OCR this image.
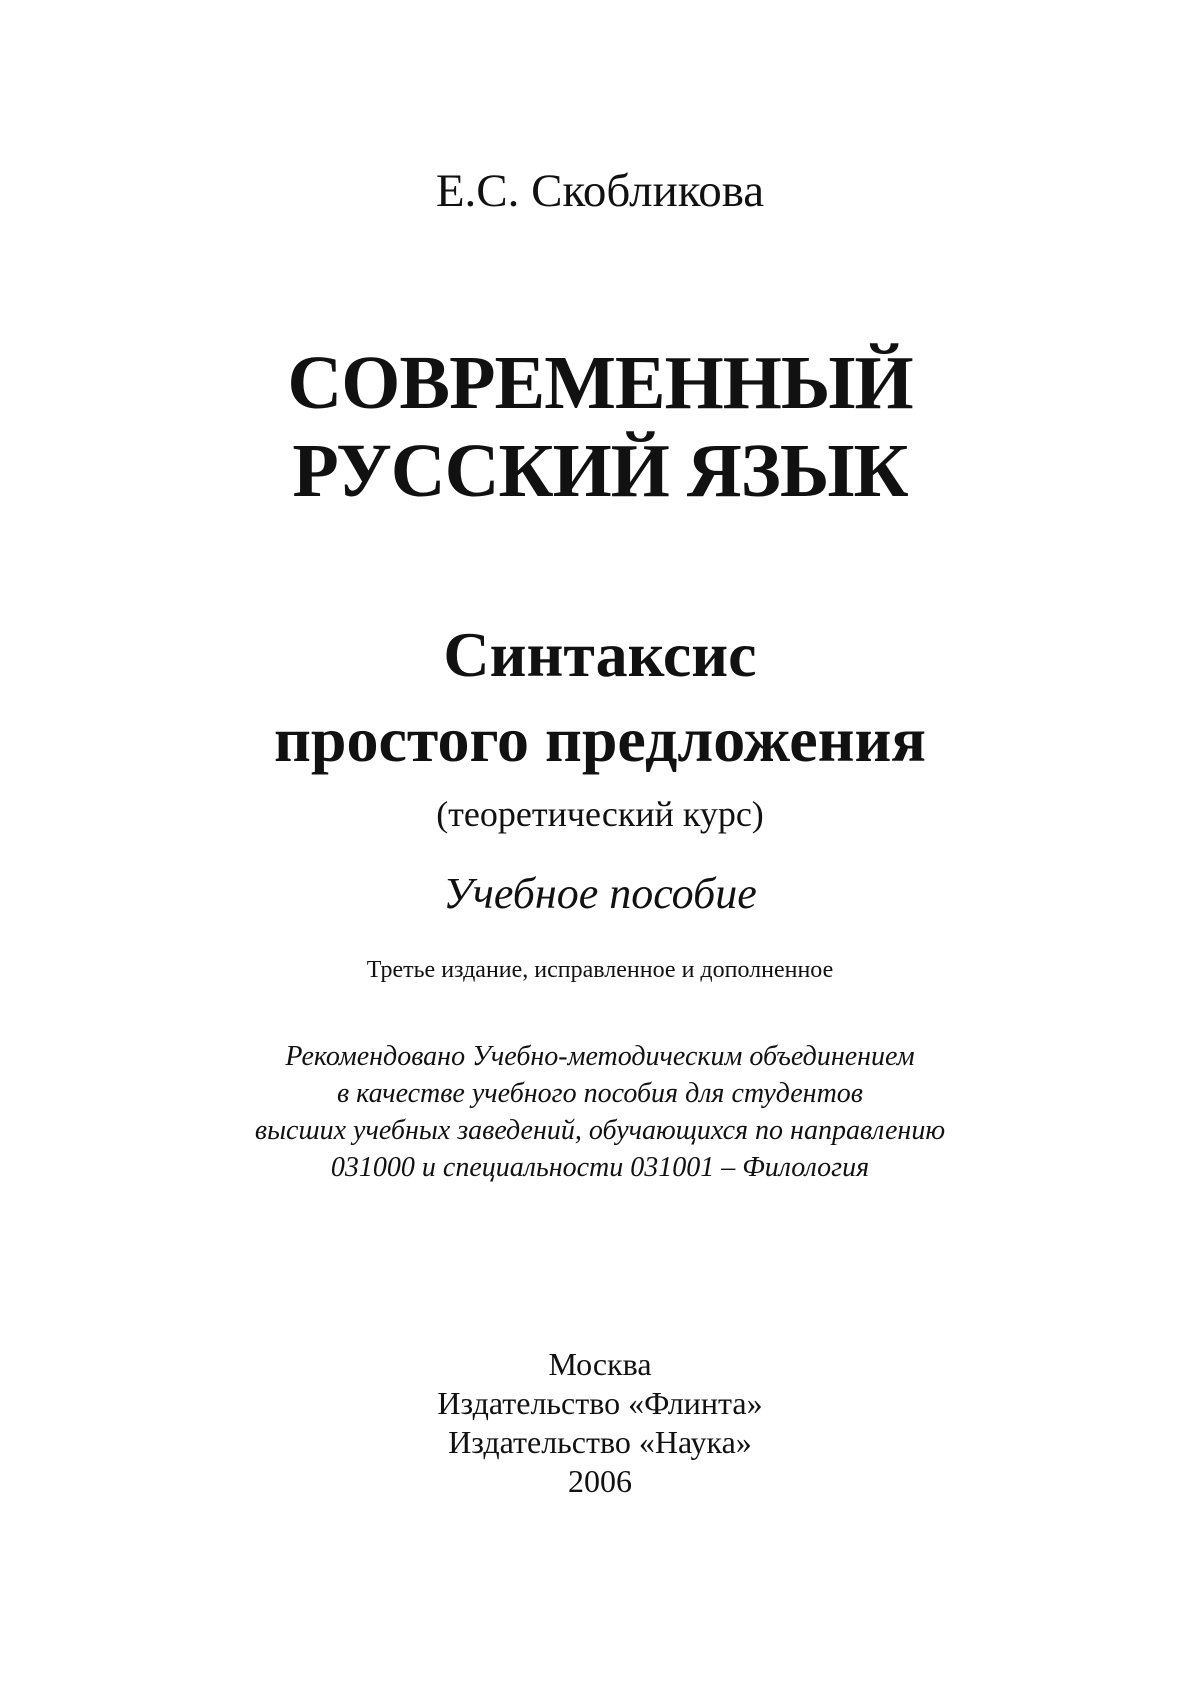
Е.С. Скобликова

СОВРЕМЕННЫЙ
РУССКИЙ ЯЗЫК
Синтаксис
простого предложения

(теоретический курс)

Учебное пособие

Третье издание, исправленное и дополненное

Рекомендовано Учебно-методическим объединением
в качестве учебного пособия для студентов
высших учебных заведений, обучающихся по направлению
031000 и специальности 031001 – Филология
Москва
Издательство «Флинта»
Издательство «Наука»
2006
